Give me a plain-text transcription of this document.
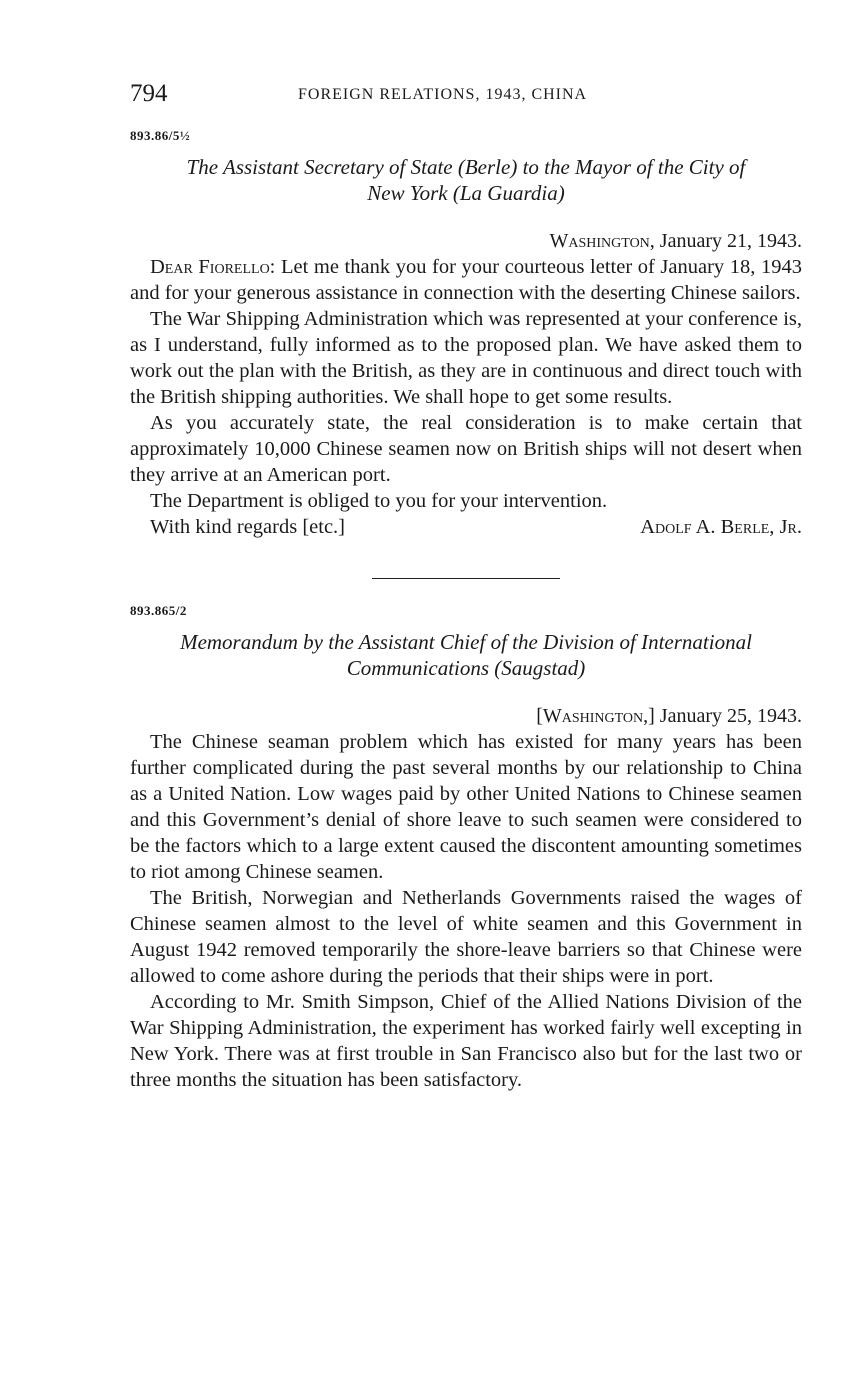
794	FOREIGN RELATIONS, 1943, CHINA
893.86/5½
The Assistant Secretary of State (Berle) to the Mayor of the City of
New York (La Guardia)
Washington, January 21, 1943.

Dear Fiorello: Let me thank you for your courteous letter of January 18, 1943 and for your generous assistance in connection with the deserting Chinese sailors.

The War Shipping Administration which was represented at your conference is, as I understand, fully informed as to the proposed plan. We have asked them to work out the plan with the British, as they are in continuous and direct touch with the British shipping authorities. We shall hope to get some results.

As you accurately state, the real consideration is to make certain that approximately 10,000 Chinese seamen now on British ships will not desert when they arrive at an American port.

The Department is obliged to you for your intervention.

With kind regards [etc.]	Adolf A. Berle, Jr.
893.865/2
Memorandum by the Assistant Chief of the Division of International
Communications (Saugstad)
[Washington,] January 25, 1943.

The Chinese seaman problem which has existed for many years has been further complicated during the past several months by our relationship to China as a United Nation. Low wages paid by other United Nations to Chinese seamen and this Government’s denial of shore leave to such seamen were considered to be the factors which to a large extent caused the discontent amounting sometimes to riot among Chinese seamen.

The British, Norwegian and Netherlands Governments raised the wages of Chinese seamen almost to the level of white seamen and this Government in August 1942 removed temporarily the shore-leave barriers so that Chinese were allowed to come ashore during the periods that their ships were in port.

According to Mr. Smith Simpson, Chief of the Allied Nations Division of the War Shipping Administration, the experiment has worked fairly well excepting in New York. There was at first trouble in San Francisco also but for the last two or three months the situation has been satisfactory.
